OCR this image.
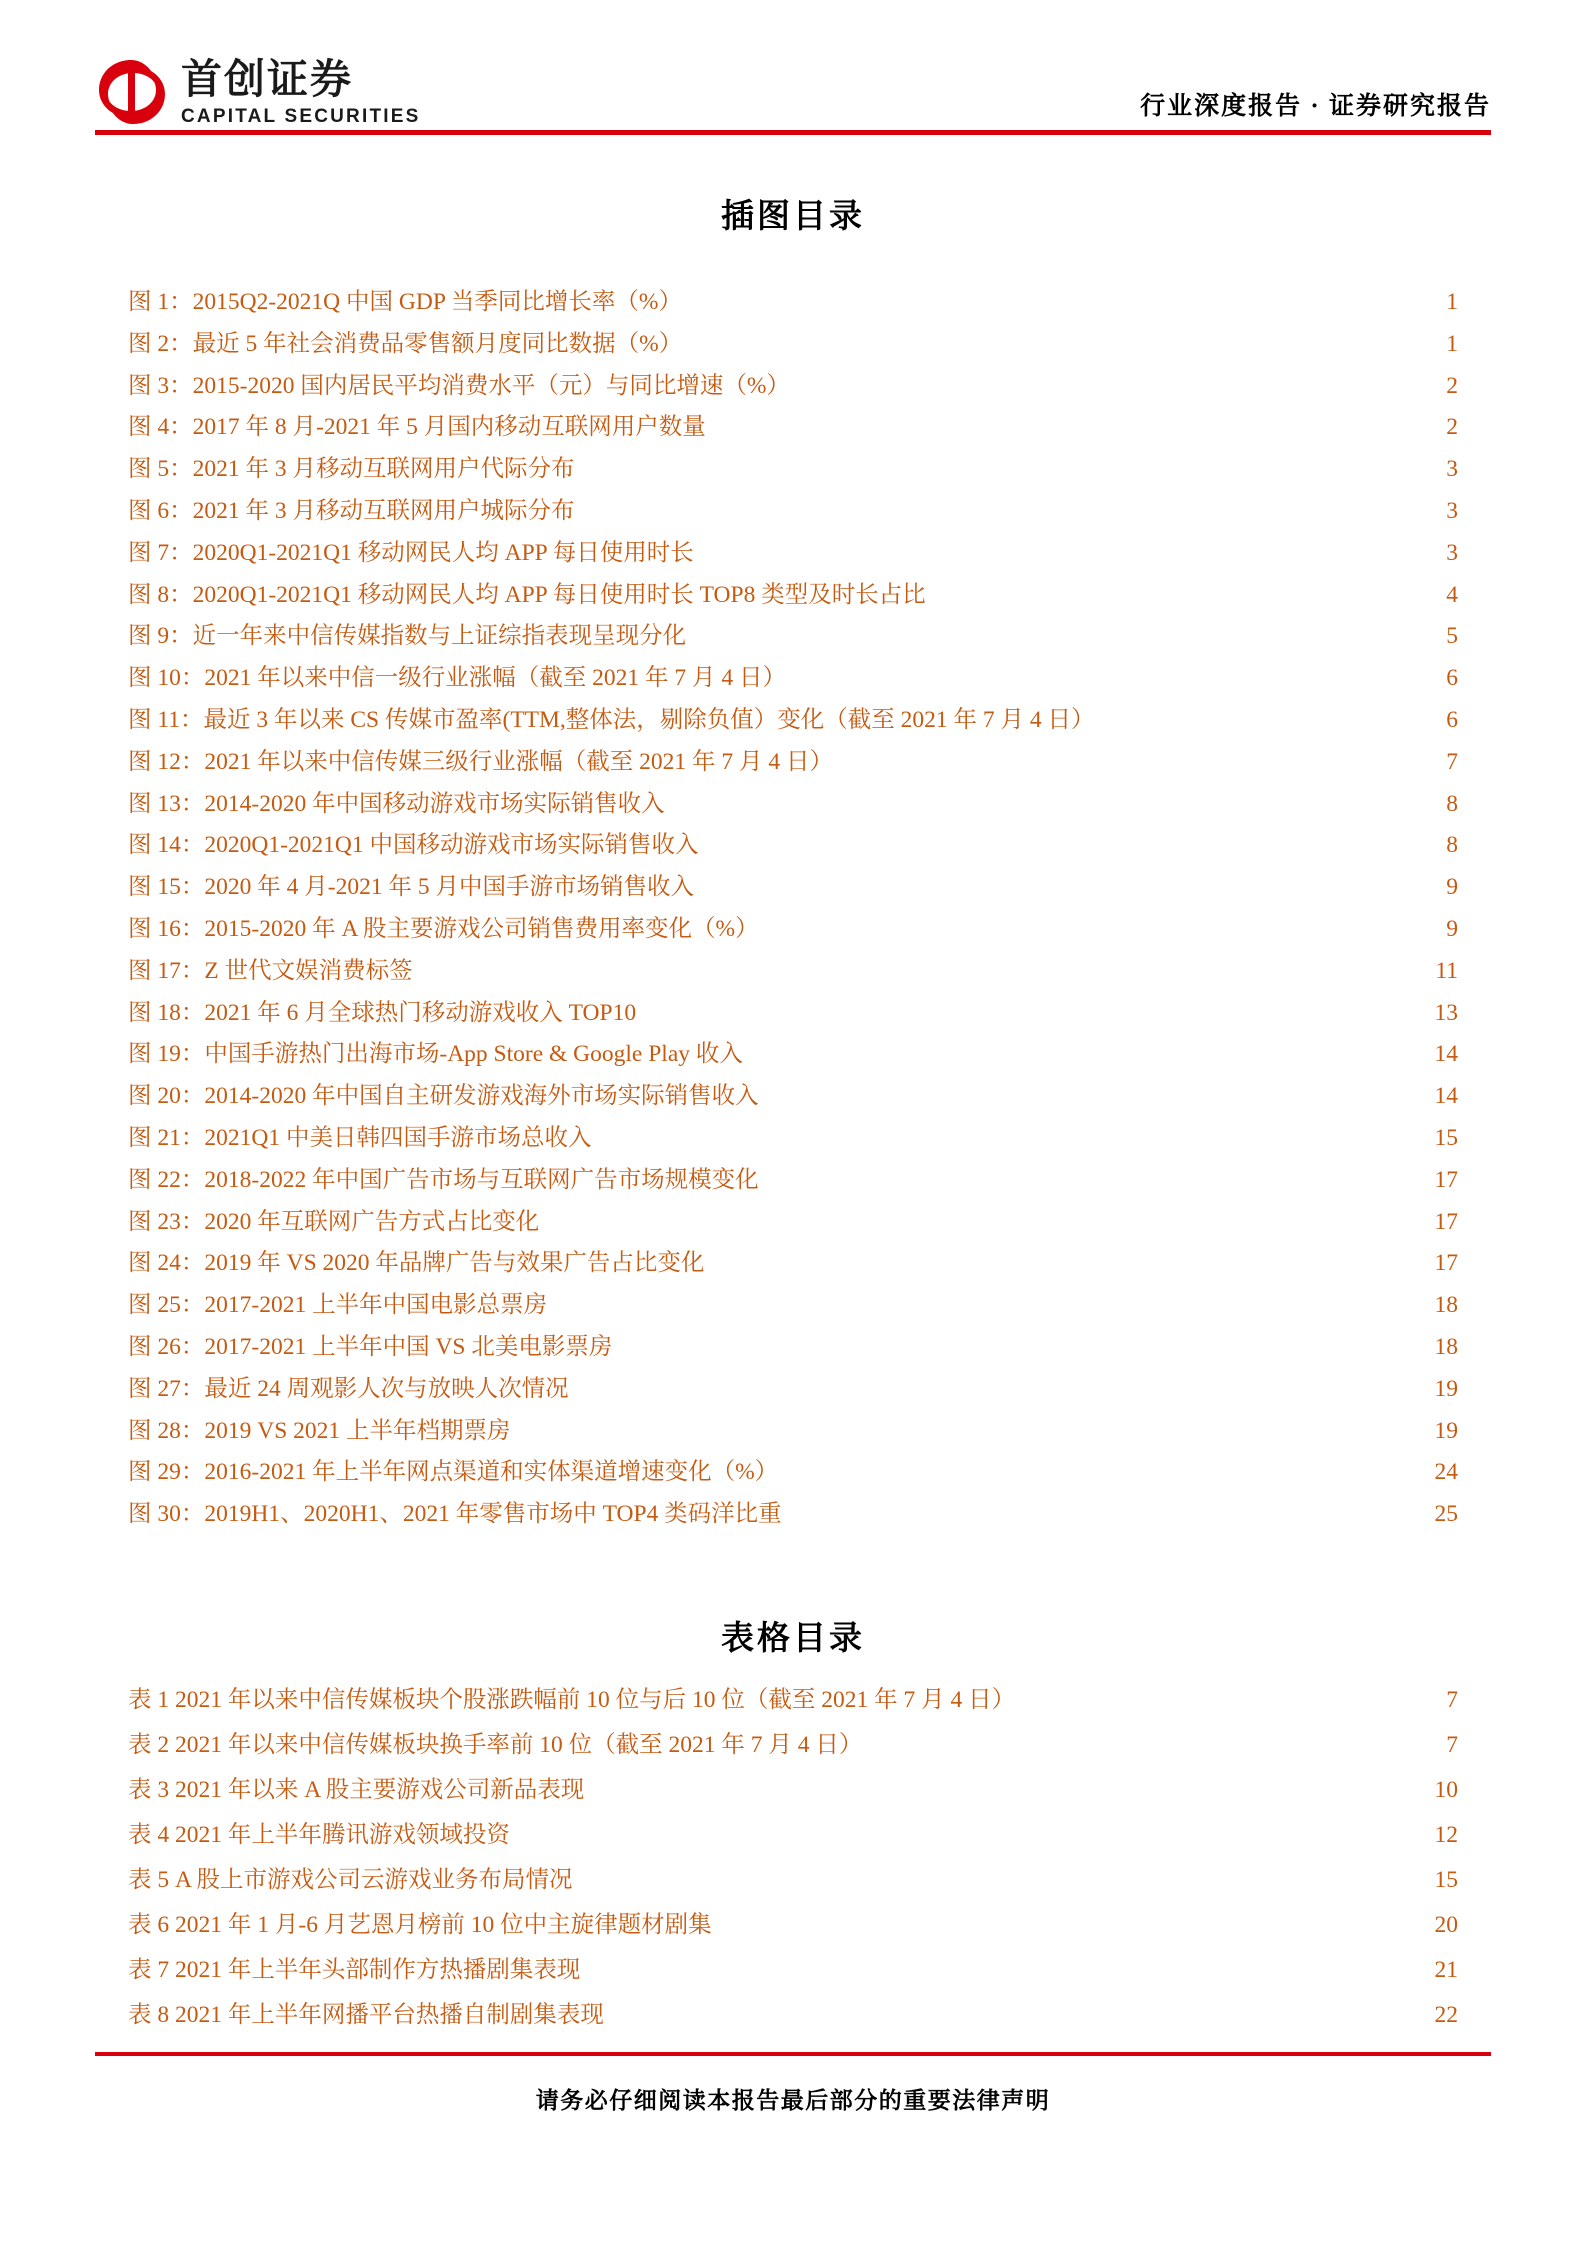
首创证券
CAPITAL SECURITIES	行业深度报告 · 证券研究报告
插图目录
图 1：2015Q2-2021Q 中国 GDP 当季同比增长率（%） .....	1
图 2：最近 5 年社会消费品零售额月度同比数据（%） .....	1
图 3：2015-2020 国内居民平均消费水平（元）与同比增速（%） .....	2
图 4：2017 年 8 月-2021 年 5 月国内移动互联网用户数量 .....	2
图 5：2021 年 3 月移动互联网用户代际分布 .....	3
图 6：2021 年 3 月移动互联网用户城际分布 .....	3
图 7：2020Q1-2021Q1 移动网民人均 APP 每日使用时长 .....	3
图 8：2020Q1-2021Q1 移动网民人均 APP 每日使用时长 TOP8 类型及时长占比 .....	4
图 9：近一年来中信传媒指数与上证综指表现呈现分化 .....	5
图 10：2021 年以来中信一级行业涨幅（截至 2021 年 7 月 4 日） .....	6
图 11：最近 3 年以来 CS 传媒市盈率(TTM,整体法，剔除负值）变化（截至 2021 年 7 月 4 日） .....	6
图 12：2021 年以来中信传媒三级行业涨幅（截至 2021 年 7 月 4 日） .....	7
图 13：2014-2020 年中国移动游戏市场实际销售收入 .....	8
图 14：2020Q1-2021Q1 中国移动游戏市场实际销售收入 .....	8
图 15：2020 年 4 月-2021 年 5 月中国手游市场销售收入 .....	9
图 16：2015-2020 年 A 股主要游戏公司销售费用率变化（%） .....	9
图 17：Z 世代文娱消费标签 .....	11
图 18：2021 年 6 月全球热门移动游戏收入 TOP10 .....	13
图 19：中国手游热门出海市场-App Store & Google Play 收入 .....	14
图 20：2014-2020 年中国自主研发游戏海外市场实际销售收入 .....	14
图 21：2021Q1 中美日韩四国手游市场总收入 .....	15
图 22：2018-2022 年中国广告市场与互联网广告市场规模变化 .....	17
图 23：2020 年互联网广告方式占比变化 .....	17
图 24：2019 年 VS 2020 年品牌广告与效果广告占比变化 .....	17
图 25：2017-2021 上半年中国电影总票房 .....	18
图 26：2017-2021 上半年中国 VS 北美电影票房 .....	18
图 27：最近 24 周观影人次与放映人次情况 .....	19
图 28：2019 VS 2021 上半年档期票房 .....	19
图 29：2016-2021 年上半年网点渠道和实体渠道增速变化（%） .....	24
图 30：2019H1、2020H1、2021 年零售市场中 TOP4 类码洋比重 .....	25
表格目录
表 1 2021 年以来中信传媒板块个股涨跌幅前 10 位与后 10 位（截至 2021 年 7 月 4 日） .....	7
表 2 2021 年以来中信传媒板块换手率前 10 位（截至 2021 年 7 月 4 日） .....	7
表 3 2021 年以来 A 股主要游戏公司新品表现 .....	10
表 4 2021 年上半年腾讯游戏领域投资 .....	12
表 5 A 股上市游戏公司云游戏业务布局情况 .....	15
表 6 2021 年 1 月-6 月艺恩月榜前 10 位中主旋律题材剧集 .....	20
表 7 2021 年上半年头部制作方热播剧集表现 .....	21
表 8 2021 年上半年网播平台热播自制剧集表现 .....	22
请务必仔细阅读本报告最后部分的重要法律声明
